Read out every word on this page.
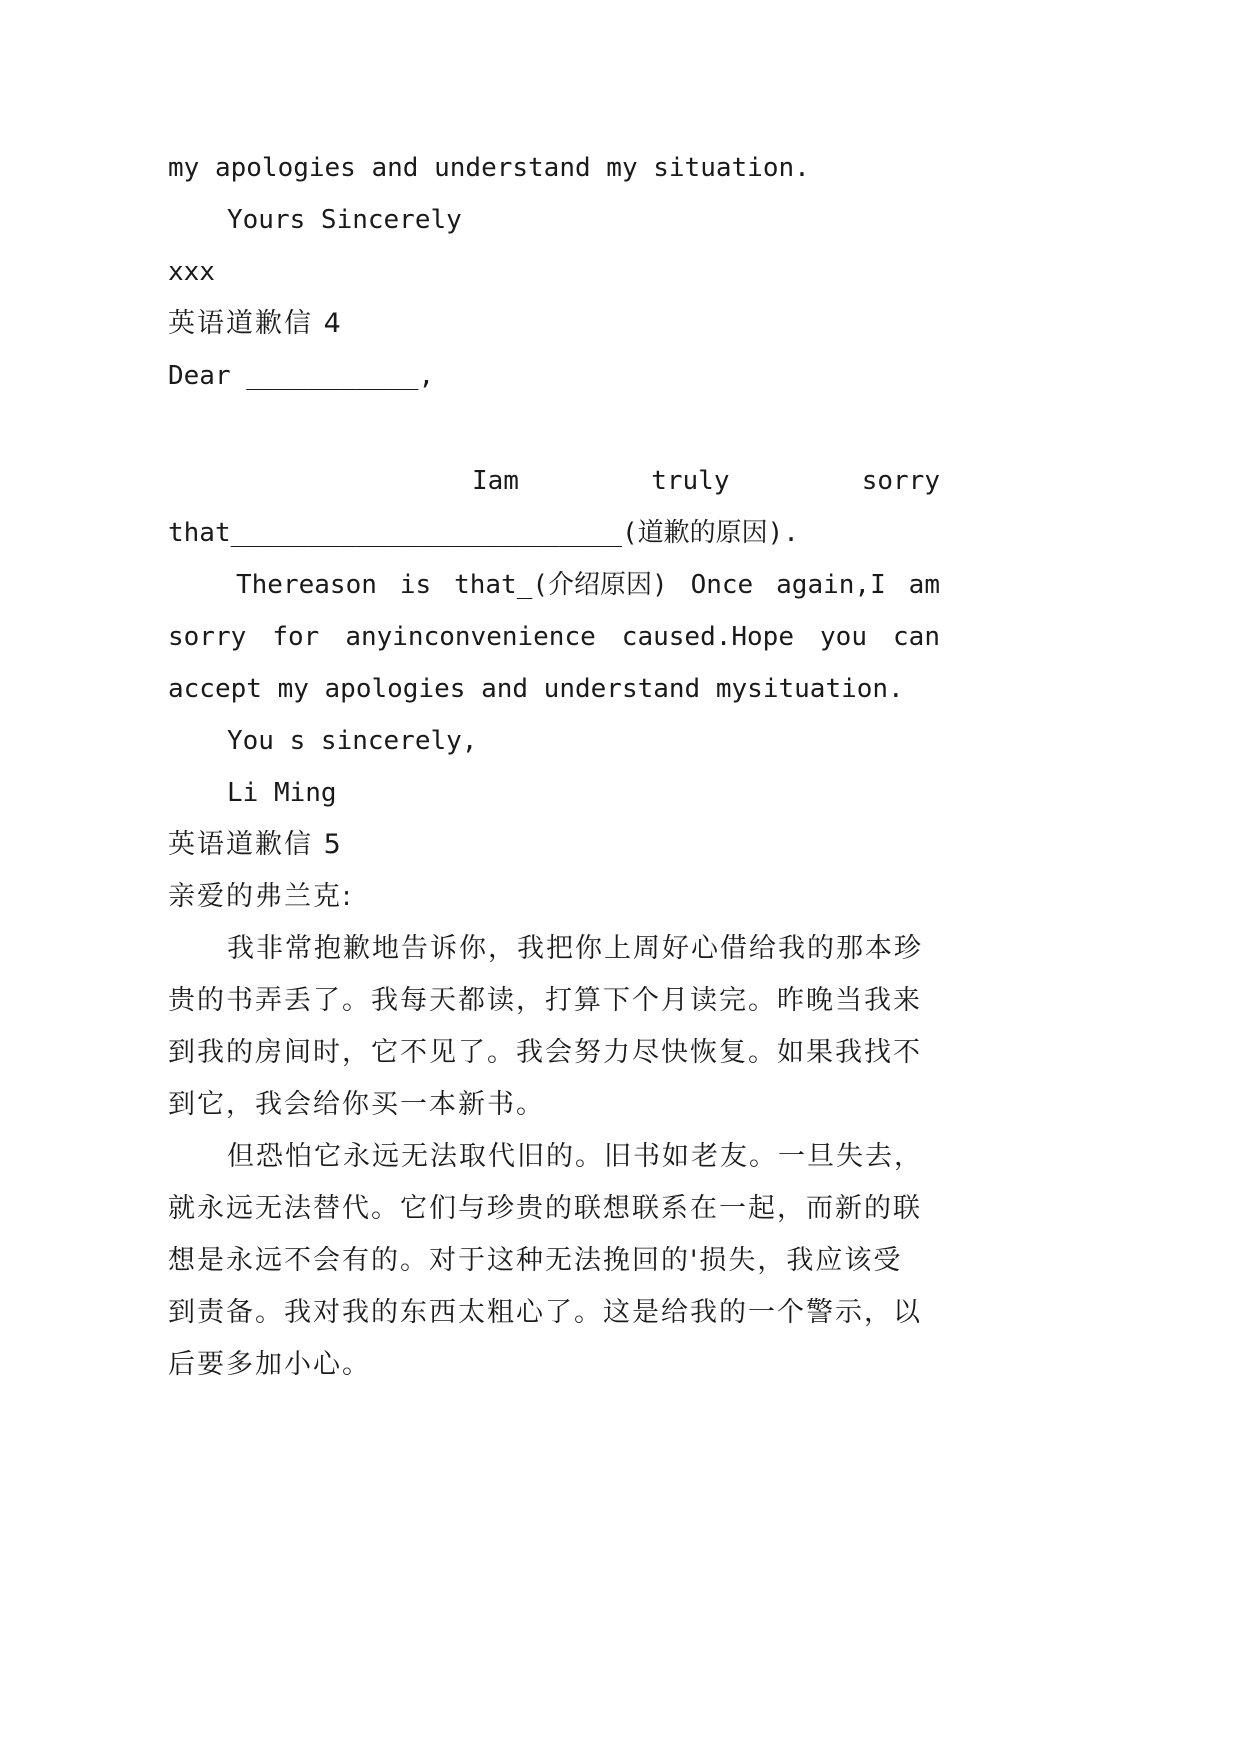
my apologies and understand my situation.
Yours Sincerely
xxx
英语道歉信 4
Dear ___________,
Iam	truly	sorry
that_________________________(道歉的原因).
Thereason is that_(介绍原因) Once again,I am
sorry for anyinconvenience caused.Hope you can
accept my apologies and understand mysituation.
You s sincerely,
Li Ming
英语道歉信 5
亲爱的弗兰克:
我非常抱歉地告诉你，我把你上周好心借给我的那本珍
贵的书弄丢了。我每天都读，打算下个月读完。昨晚当我来
到我的房间时，它不见了。我会努力尽快恢复。如果我找不
到它，我会给你买一本新书。
但恐怕它永远无法取代旧的。旧书如老友。一旦失去，
就永远无法替代。它们与珍贵的联想联系在一起，而新的联
想是永远不会有的。对于这种无法挽回的'损失，我应该受
到责备。我对我的东西太粗心了。这是给我的一个警示，以
后要多加小心。
